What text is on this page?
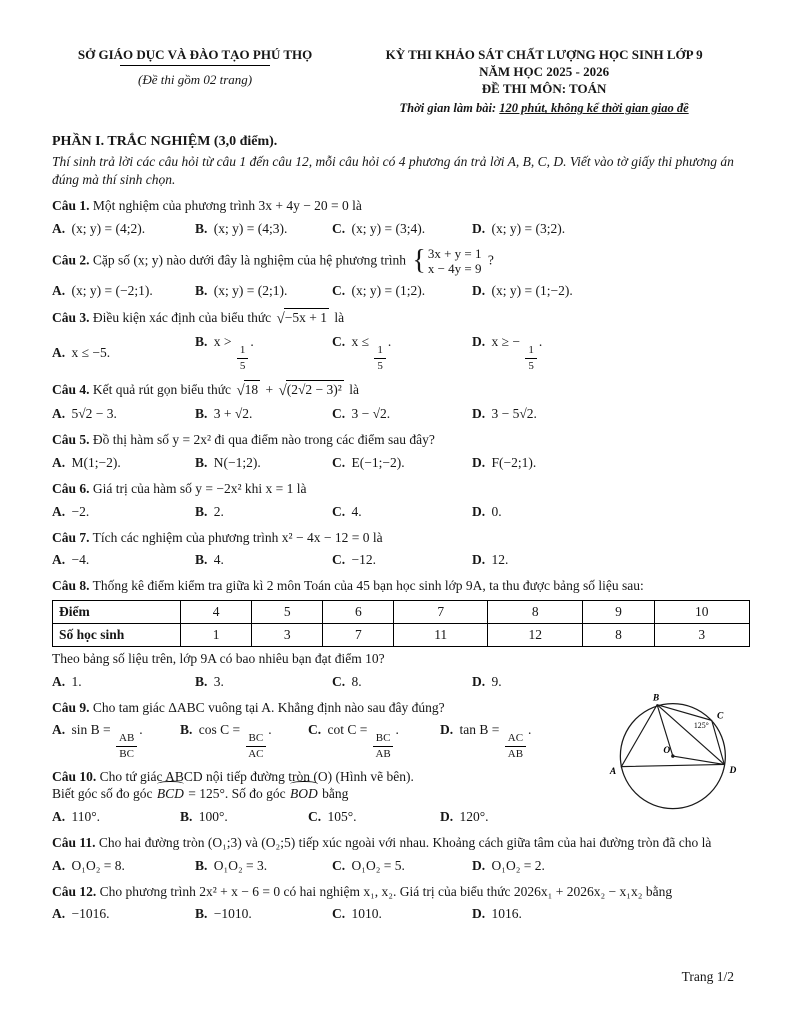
SỞ GIÁO DỤC VÀ ĐÀO TẠO PHÚ THỌ
(Đề thi gồm 02 trang)
KỲ THI KHẢO SÁT CHẤT LƯỢNG HỌC SINH LỚP 9
NĂM HỌC 2025 - 2026
ĐỀ THI MÔN: TOÁN
Thời gian làm bài: 120 phút, không kể thời gian giao đề
PHẦN I. TRẮC NGHIỆM (3,0 điểm).
Thí sinh trả lời các câu hỏi từ câu 1 đến câu 12, mỗi câu hỏi có 4 phương án trả lời A, B, C, D. Viết vào tờ giấy thi phương án đúng mà thí sinh chọn.
Câu 1. Một nghiệm của phương trình 3x + 4y − 20 = 0 là
A. (x; y) = (4;2).	B. (x; y) = (4;3).	C. (x; y) = (3;4).	D. (x; y) = (3;2).
Câu 2. Cặp số (x; y) nào dưới đây là nghiệm của hệ phương trình { 3x + y = 1
x − 4y = 9
?
A. (x; y) = (−2;1).	B. (x; y) = (2;1).	C. (x; y) = (1;2).	D. (x; y) = (1;−2).
Câu 3. Điều kiện xác định của biểu thức √−5x + 1 là
A. x ≤ −5.
B. x >
$\frac{1}{5}$
.	C. x ≤
$\frac{1}{5}$
.	D. x ≥ −
$\frac{1}{5}$
.
Câu 4. Kết quả rút gọn biểu thức √18 + √(2√2 − 3)² là
A. 5√2 − 3.	B. 3 + √2.	C. 3 − √2.	D. 3 − 5√2.
Câu 5. Đồ thị hàm số y = 2x² đi qua điểm nào trong các điểm sau đây?
A. M(1;−2).	B. N(−1;2).	C. E(−1;−2).	D. F(−2;1).
Câu 6. Giá trị của hàm số y = −2x² khi x = 1 là
A. −2.	B. 2.	C. 4.	D. 0.
Câu 7. Tích các nghiệm của phương trình x² − 4x − 12 = 0 là
A. −4.	B. 4.	C. −12.	D. 12.
Câu 8. Thống kê điểm kiểm tra giữa kì 2 môn Toán của 45 bạn học sinh lớp 9A, ta thu được bảng số liệu sau:
Điểm	4	5	6	7	8	9	10
Số học sinh	1	3	7	11	12	8	3
Theo bảng số liệu trên, lớp 9A có bao nhiêu bạn đạt điểm 10?
A. 1.	B. 3.	C. 8.	D. 9.
A
B
C
D
O
125°
Câu 9. Cho tam giác ΔABC vuông tại A. Khẳng định nào sau đây đúng?
A. sin B =
$\frac{AB}{BC}$
.	B. cos C =
$\frac{BC}{AC}$
.	C. cot C =
$\frac{BC}{AB}$
.	D. tan B =
$\frac{AC}{AB}$
.
Câu 10. Cho tứ giác ABCD nội tiếp đường tròn (O) (Hình vẽ bên).
Biết góc số đo góc BCD = 125°. Số đo góc BOD bằng
A. 110°.	B. 100°.	C. 105°.	D. 120°.
Câu 11. Cho hai đường tròn (O₁;3) và (O₂;5) tiếp xúc ngoài với nhau. Khoảng cách giữa tâm của hai đường tròn đã cho là
A. O₁O₂ = 8.	B. O₁O₂ = 3.	C. O₁O₂ = 5.	D. O₁O₂ = 2.
Câu 12. Cho phương trình 2x² + x − 6 = 0 có hai nghiệm x₁, x₂. Giá trị của biểu thức 2026x₁ + 2026x₂ − x₁x₂ bằng
A. −1016.	B. −1010.	C. 1010.	D. 1016.
Trang 1/2
